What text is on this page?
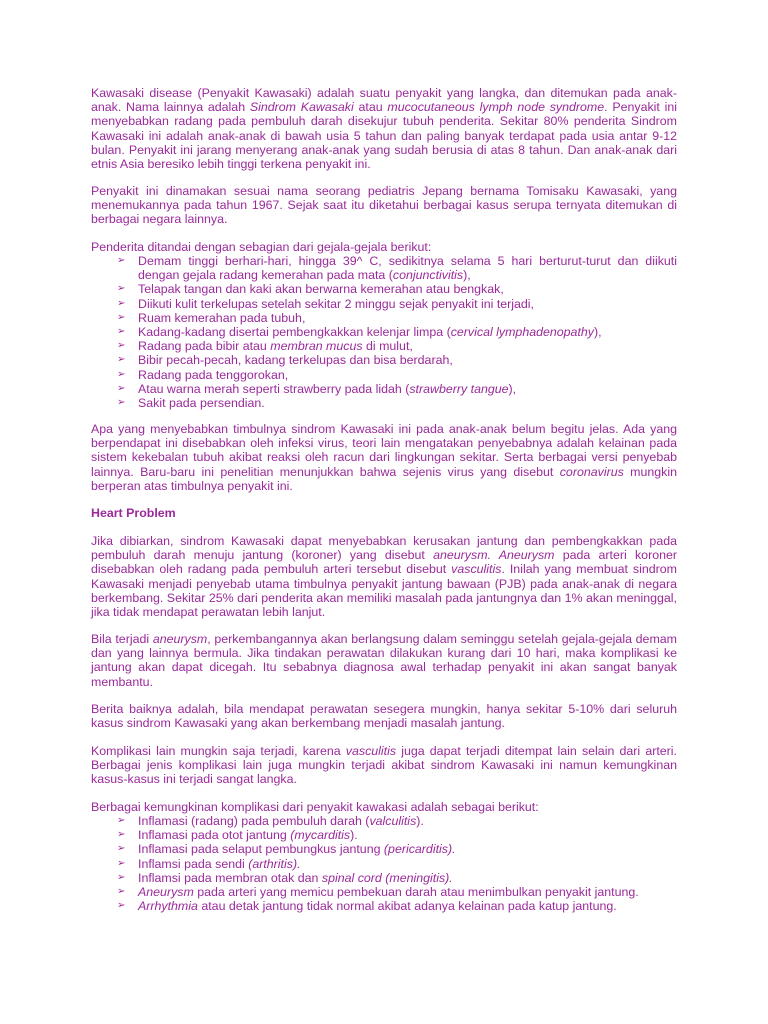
Kawasaki disease (Penyakit Kawasaki) adalah suatu penyakit yang langka, dan ditemukan pada anak-anak. Nama lainnya adalah Sindrom Kawasaki atau mucocutaneous lymph node syndrome. Penyakit ini menyebabkan radang pada pembuluh darah disekujur tubuh penderita. Sekitar 80% penderita Sindrom Kawasaki ini adalah anak-anak di bawah usia 5 tahun dan paling banyak terdapat pada usia antar 9-12 bulan. Penyakit ini jarang menyerang anak-anak yang sudah berusia di atas 8 tahun. Dan anak-anak dari etnis Asia beresiko lebih tinggi terkena penyakit ini.

Penyakit ini dinamakan sesuai nama seorang pediatris Jepang bernama Tomisaku Kawasaki, yang menemukannya pada tahun 1967. Sejak saat itu diketahui berbagai kasus serupa ternyata ditemukan di berbagai negara lainnya.

Penderita ditandai dengan sebagian dari gejala-gejala berikut:

➢ Demam tinggi berhari-hari, hingga 39^ C, sedikitnya selama 5 hari berturut-turut dan diikuti dengan gejala radang kemerahan pada mata (conjunctivitis),
➢ Telapak tangan dan kaki akan berwarna kemerahan atau bengkak,
➢ Diikuti kulit terkelupas setelah sekitar 2 minggu sejak penyakit ini terjadi,
➢ Ruam kemerahan pada tubuh,
➢ Kadang-kadang disertai pembengkakkan kelenjar limpa (cervical lymphadenopathy),
➢ Radang pada bibir atau membran mucus di mulut,
➢ Bibir pecah-pecah, kadang terkelupas dan bisa berdarah,
➢ Radang pada tenggorokan,
➢ Atau warna merah seperti strawberry pada lidah (strawberry tangue),
➢ Sakit pada persendian.

Apa yang menyebabkan timbulnya sindrom Kawasaki ini pada anak-anak belum begitu jelas. Ada yang berpendapat ini disebabkan oleh infeksi virus, teori lain mengatakan penyebabnya adalah kelainan pada sistem kekebalan tubuh akibat reaksi oleh racun dari lingkungan sekitar. Serta berbagai versi penyebab lainnya. Baru-baru ini penelitian menunjukkan bahwa sejenis virus yang disebut coronavirus mungkin berperan atas timbulnya penyakit ini.

Heart Problem

Jika dibiarkan, sindrom Kawasaki dapat menyebabkan kerusakan jantung dan pembengkakkan pada pembuluh darah menuju jantung (koroner) yang disebut aneurysm. Aneurysm pada arteri koroner disebabkan oleh radang pada pembuluh arteri tersebut disebut vasculitis. Inilah yang membuat sindrom Kawasaki menjadi penyebab utama timbulnya penyakit jantung bawaan (PJB) pada anak-anak di negara berkembang. Sekitar 25% dari penderita akan memiliki masalah pada jantungnya dan 1% akan meninggal, jika tidak mendapat perawatan lebih lanjut.

Bila terjadi aneurysm, perkembangannya akan berlangsung dalam seminggu setelah gejala-gejala demam dan yang lainnya bermula. Jika tindakan perawatan dilakukan kurang dari 10 hari, maka komplikasi ke jantung akan dapat dicegah. Itu sebabnya diagnosa awal terhadap penyakit ini akan sangat banyak membantu.

Berita baiknya adalah, bila mendapat perawatan sesegera mungkin, hanya sekitar 5-10% dari seluruh kasus sindrom Kawasaki yang akan berkembang menjadi masalah jantung.

Komplikasi lain mungkin saja terjadi, karena vasculitis juga dapat terjadi ditempat lain selain dari arteri. Berbagai jenis komplikasi lain juga mungkin terjadi akibat sindrom Kawasaki ini namun kemungkinan kasus-kasus ini terjadi sangat langka.

Berbagai kemungkinan komplikasi dari penyakit kawakasi adalah sebagai berikut:

➢ Inflamasi (radang) pada pembuluh darah (valculitis).
➢ Inflamasi pada otot jantung (mycarditis).
➢ Inflamasi pada selaput pembungkus jantung (pericarditis).
➢ Inflamsi pada sendi (arthritis).
➢ Inflamsi pada membran otak dan spinal cord (meningitis).
➢ Aneurysm pada arteri yang memicu pembekuan darah atau menimbulkan penyakit jantung.
➢ Arrhythmia atau detak jantung tidak normal akibat adanya kelainan pada katup jantung.
